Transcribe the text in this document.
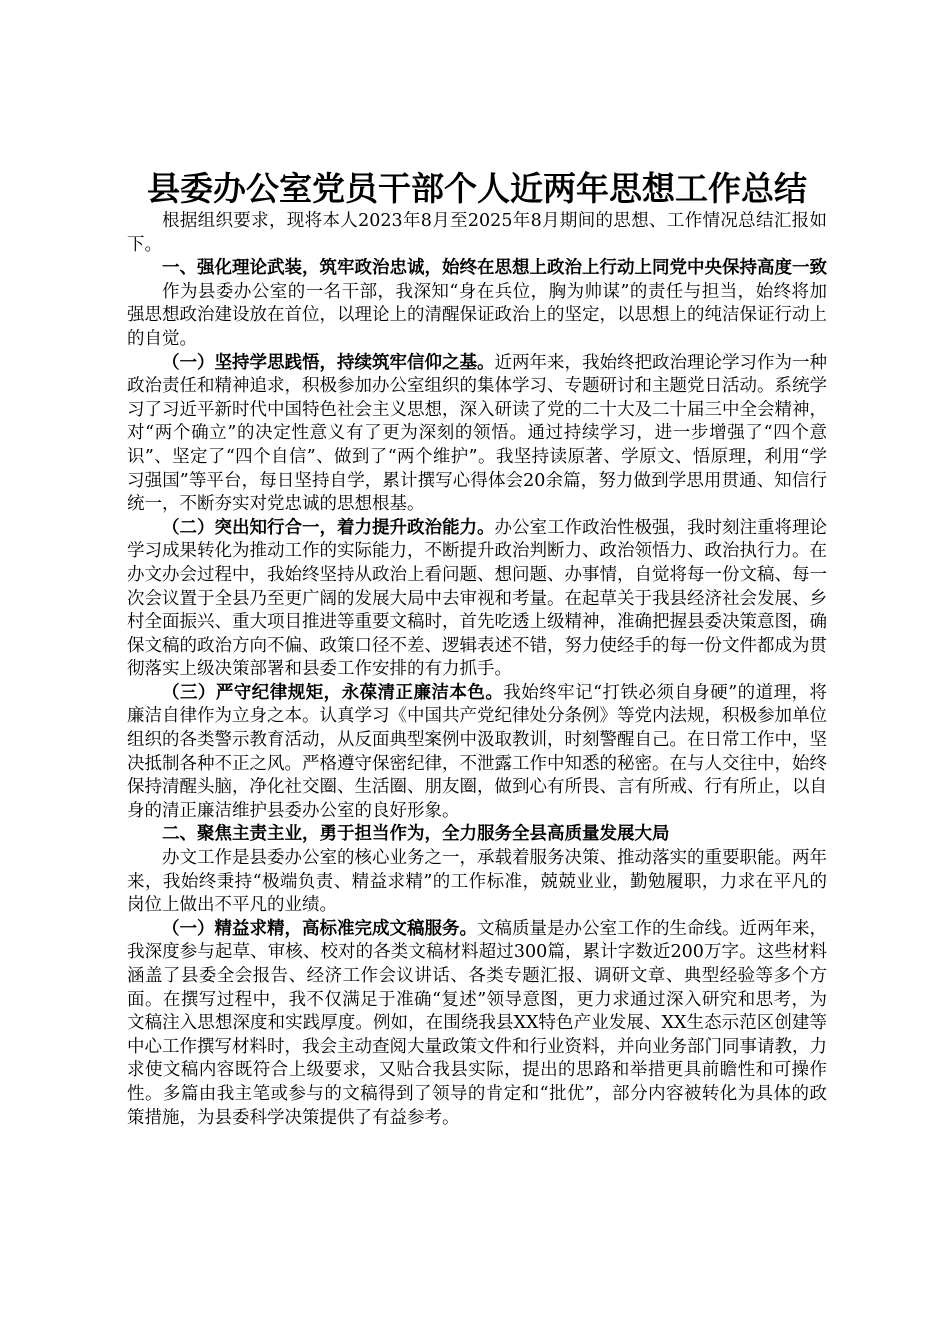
县委办公室党员干部个人近两年思想工作总结

根据组织要求，现将本人2023年8月至2025年8月期间的思想、工作情况总结汇报如下。

一、强化理论武装，筑牢政治忠诚，始终在思想上政治上行动上同党中央保持高度一致

作为县委办公室的一名干部，我深知“身在兵位，胸为帅谋”的责任与担当，始终将加强思想政治建设放在首位，以理论上的清醒保证政治上的坚定，以思想上的纯洁保证行动上的自觉。

（一）坚持学思践悟，持续筑牢信仰之基。近两年来，我始终把政治理论学习作为一种政治责任和精神追求，积极参加办公室组织的集体学习、专题研讨和主题党日活动。系统学习了习近平新时代中国特色社会主义思想，深入研读了党的二十大及二十届三中全会精神，对“两个确立”的决定性意义有了更为深刻的领悟。通过持续学习，进一步增强了“四个意识”、坚定了“四个自信”、做到了“两个维护”。我坚持读原著、学原文、悟原理，利用“学习强国”等平台，每日坚持自学，累计撰写心得体会20余篇，努力做到学思用贯通、知信行统一，不断夯实对党忠诚的思想根基。

（二）突出知行合一，着力提升政治能力。办公室工作政治性极强，我时刻注重将理论学习成果转化为推动工作的实际能力，不断提升政治判断力、政治领悟力、政治执行力。在办文办会过程中，我始终坚持从政治上看问题、想问题、办事情，自觉将每一份文稿、每一次会议置于全县乃至更广阔的发展大局中去审视和考量。在起草关于我县经济社会发展、乡村全面振兴、重大项目推进等重要文稿时，首先吃透上级精神，准确把握县委决策意图，确保文稿的政治方向不偏、政策口径不差、逻辑表述不错，努力使经手的每一份文件都成为贯彻落实上级决策部署和县委工作安排的有力抓手。

（三）严守纪律规矩，永葆清正廉洁本色。我始终牢记“打铁必须自身硬”的道理，将廉洁自律作为立身之本。认真学习《中国共产党纪律处分条例》等党内法规，积极参加单位组织的各类警示教育活动，从反面典型案例中汲取教训，时刻警醒自己。在日常工作中，坚决抵制各种不正之风。严格遵守保密纪律，不泄露工作中知悉的秘密。在与人交往中，始终保持清醒头脑，净化社交圈、生活圈、朋友圈，做到心有所畏、言有所戒、行有所止，以自身的清正廉洁维护县委办公室的良好形象。

二、聚焦主责主业，勇于担当作为，全力服务全县高质量发展大局

办文工作是县委办公室的核心业务之一，承载着服务决策、推动落实的重要职能。两年来，我始终秉持“极端负责、精益求精”的工作标准，兢兢业业，勤勉履职，力求在平凡的岗位上做出不平凡的业绩。

（一）精益求精，高标准完成文稿服务。文稿质量是办公室工作的生命线。近两年来，我深度参与起草、审核、校对的各类文稿材料超过300篇，累计字数近200万字。这些材料涵盖了县委全会报告、经济工作会议讲话、各类专题汇报、调研文章、典型经验等多个方面。在撰写过程中，我不仅满足于准确“复述”领导意图，更力求通过深入研究和思考，为文稿注入思想深度和实践厚度。例如，在围绕我县XX特色产业发展、XX生态示范区创建等中心工作撰写材料时，我会主动查阅大量政策文件和行业资料，并向业务部门同事请教，力求使文稿内容既符合上级要求，又贴合我县实际，提出的思路和举措更具前瞻性和可操作性。多篇由我主笔或参与的文稿得到了领导的肯定和“批优”，部分内容被转化为具体的政策措施，为县委科学决策提供了有益参考。
